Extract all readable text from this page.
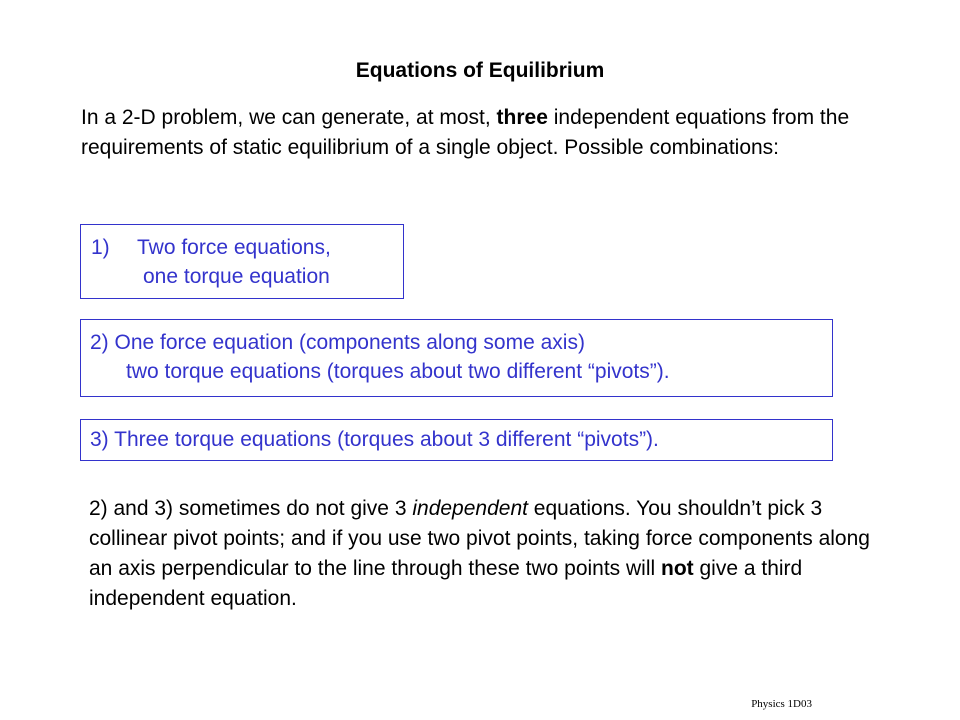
Equations of Equilibrium
In a 2-D problem, we can generate, at most, three independent equations from the requirements of static equilibrium of a single object. Possible combinations:
1) Two force equations,
one torque equation
2) One force equation (components along some axis)
two torque equations (torques about two different “pivots”).
3) Three torque equations (torques about 3 different “pivots”).
2) and 3) sometimes do not give 3 independent equations. You shouldn’t pick 3 collinear pivot points; and if you use two pivot points, taking force components along an axis perpendicular to the line through these two points will not give a third independent equation.
Physics 1D03
